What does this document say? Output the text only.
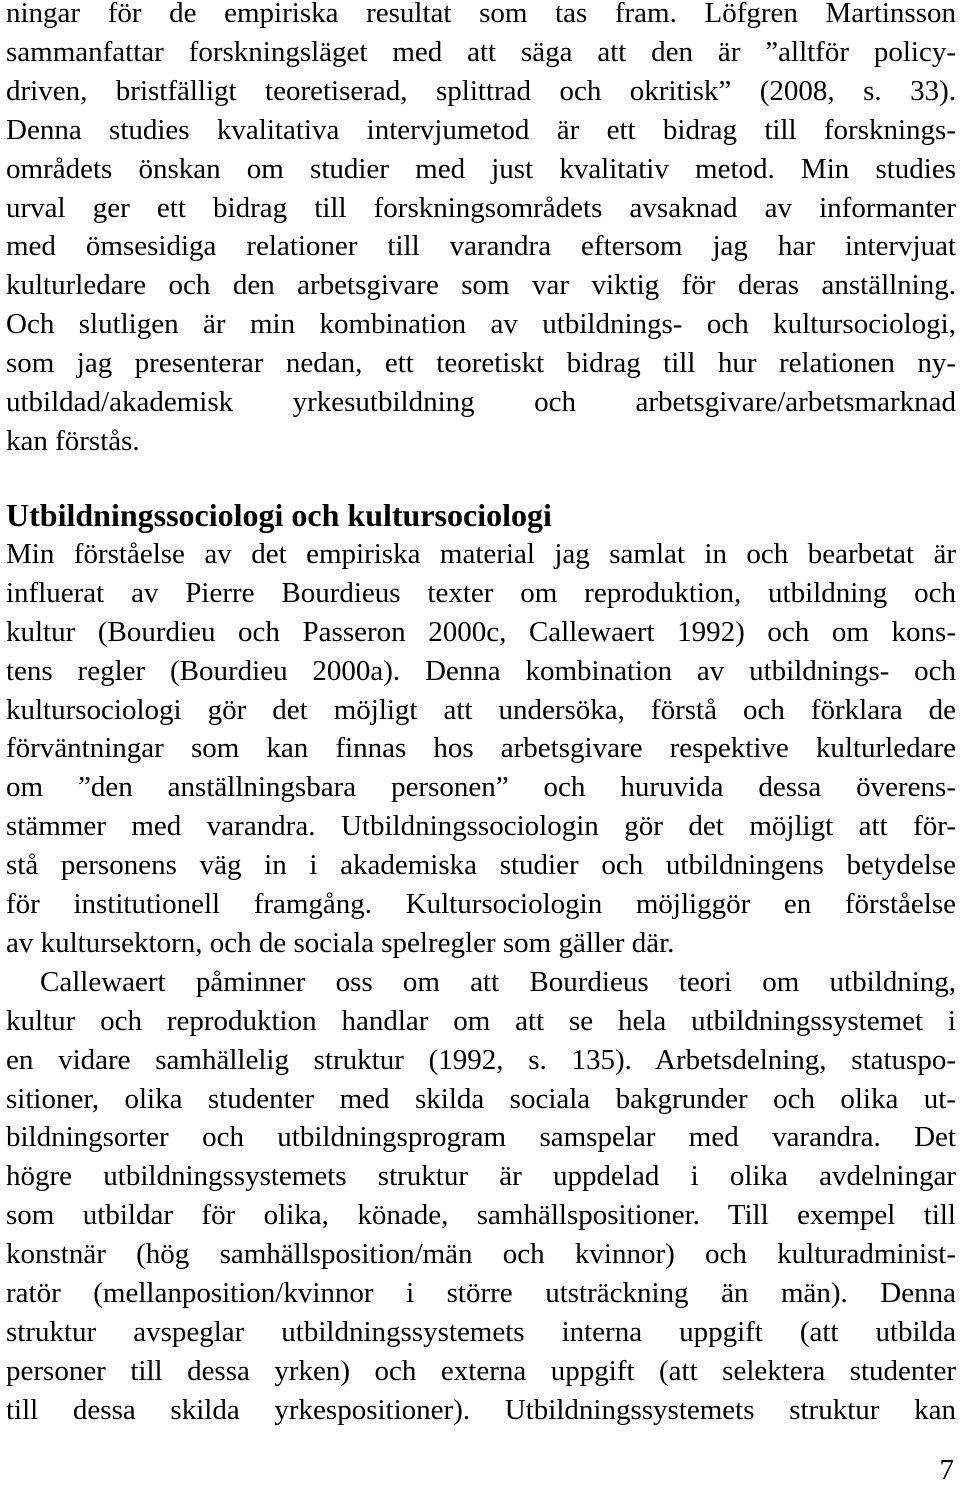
ningar för de empiriska resultat som tas fram. Löfgren Martinsson
sammanfattar forskningsläget med att säga att den är ”alltför policy-
driven, bristfälligt teoretiserad, splittrad och okritisk” (2008, s. 33).
Denna studies kvalitativa intervjumetod är ett bidrag till forsknings-
områdets önskan om studier med just kvalitativ metod. Min studies
urval ger ett bidrag till forskningsområdets avsaknad av informanter
med ömsesidiga relationer till varandra eftersom jag har intervjuat
kulturledare och den arbetsgivare som var viktig för deras anställning.
Och slutligen är min kombination av utbildnings- och kultursociologi,
som jag presenterar nedan, ett teoretiskt bidrag till hur relationen ny-
utbildad/akademisk yrkesutbildning och arbetsgivare/arbetsmarknad
kan förstås.

Utbildningssociologi och kultursociologi

Min förståelse av det empiriska material jag samlat in och bearbetat är
influerat av Pierre Bourdieus texter om reproduktion, utbildning och
kultur (Bourdieu och Passeron 2000c, Callewaert 1992) och om kons-
tens regler (Bourdieu 2000a). Denna kombination av utbildnings- och
kultursociologi gör det möjligt att undersöka, förstå och förklara de
förväntningar som kan finnas hos arbetsgivare respektive kulturledare
om ”den anställningsbara personen” och huruvida dessa överens-
stämmer med varandra. Utbildningssociologin gör det möjligt att för-
stå personens väg in i akademiska studier och utbildningens betydelse
för institutionell framgång. Kultursociologin möjliggör en förståelse
av kultursektorn, och de sociala spelregler som gäller där.

Callewaert påminner oss om att Bourdieus teori om utbildning,
kultur och reproduktion handlar om att se hela utbildningssystemet i
en vidare samhällelig struktur (1992, s. 135). Arbetsdelning, statuspo-
sitioner, olika studenter med skilda sociala bakgrunder och olika ut-
bildningsorter och utbildningsprogram samspelar med varandra. Det
högre utbildningssystemets struktur är uppdelad i olika avdelningar
som utbildar för olika, könade, samhällspositioner. Till exempel till
konstnär (hög samhällsposition/män och kvinnor) och kulturadminist-
ratör (mellanposition/kvinnor i större utsträckning än män). Denna
struktur avspeglar utbildningssystemets interna uppgift (att utbilda
personer till dessa yrken) och externa uppgift (att selektera studenter
till dessa skilda yrkespositioner). Utbildningssystemets struktur kan

7
